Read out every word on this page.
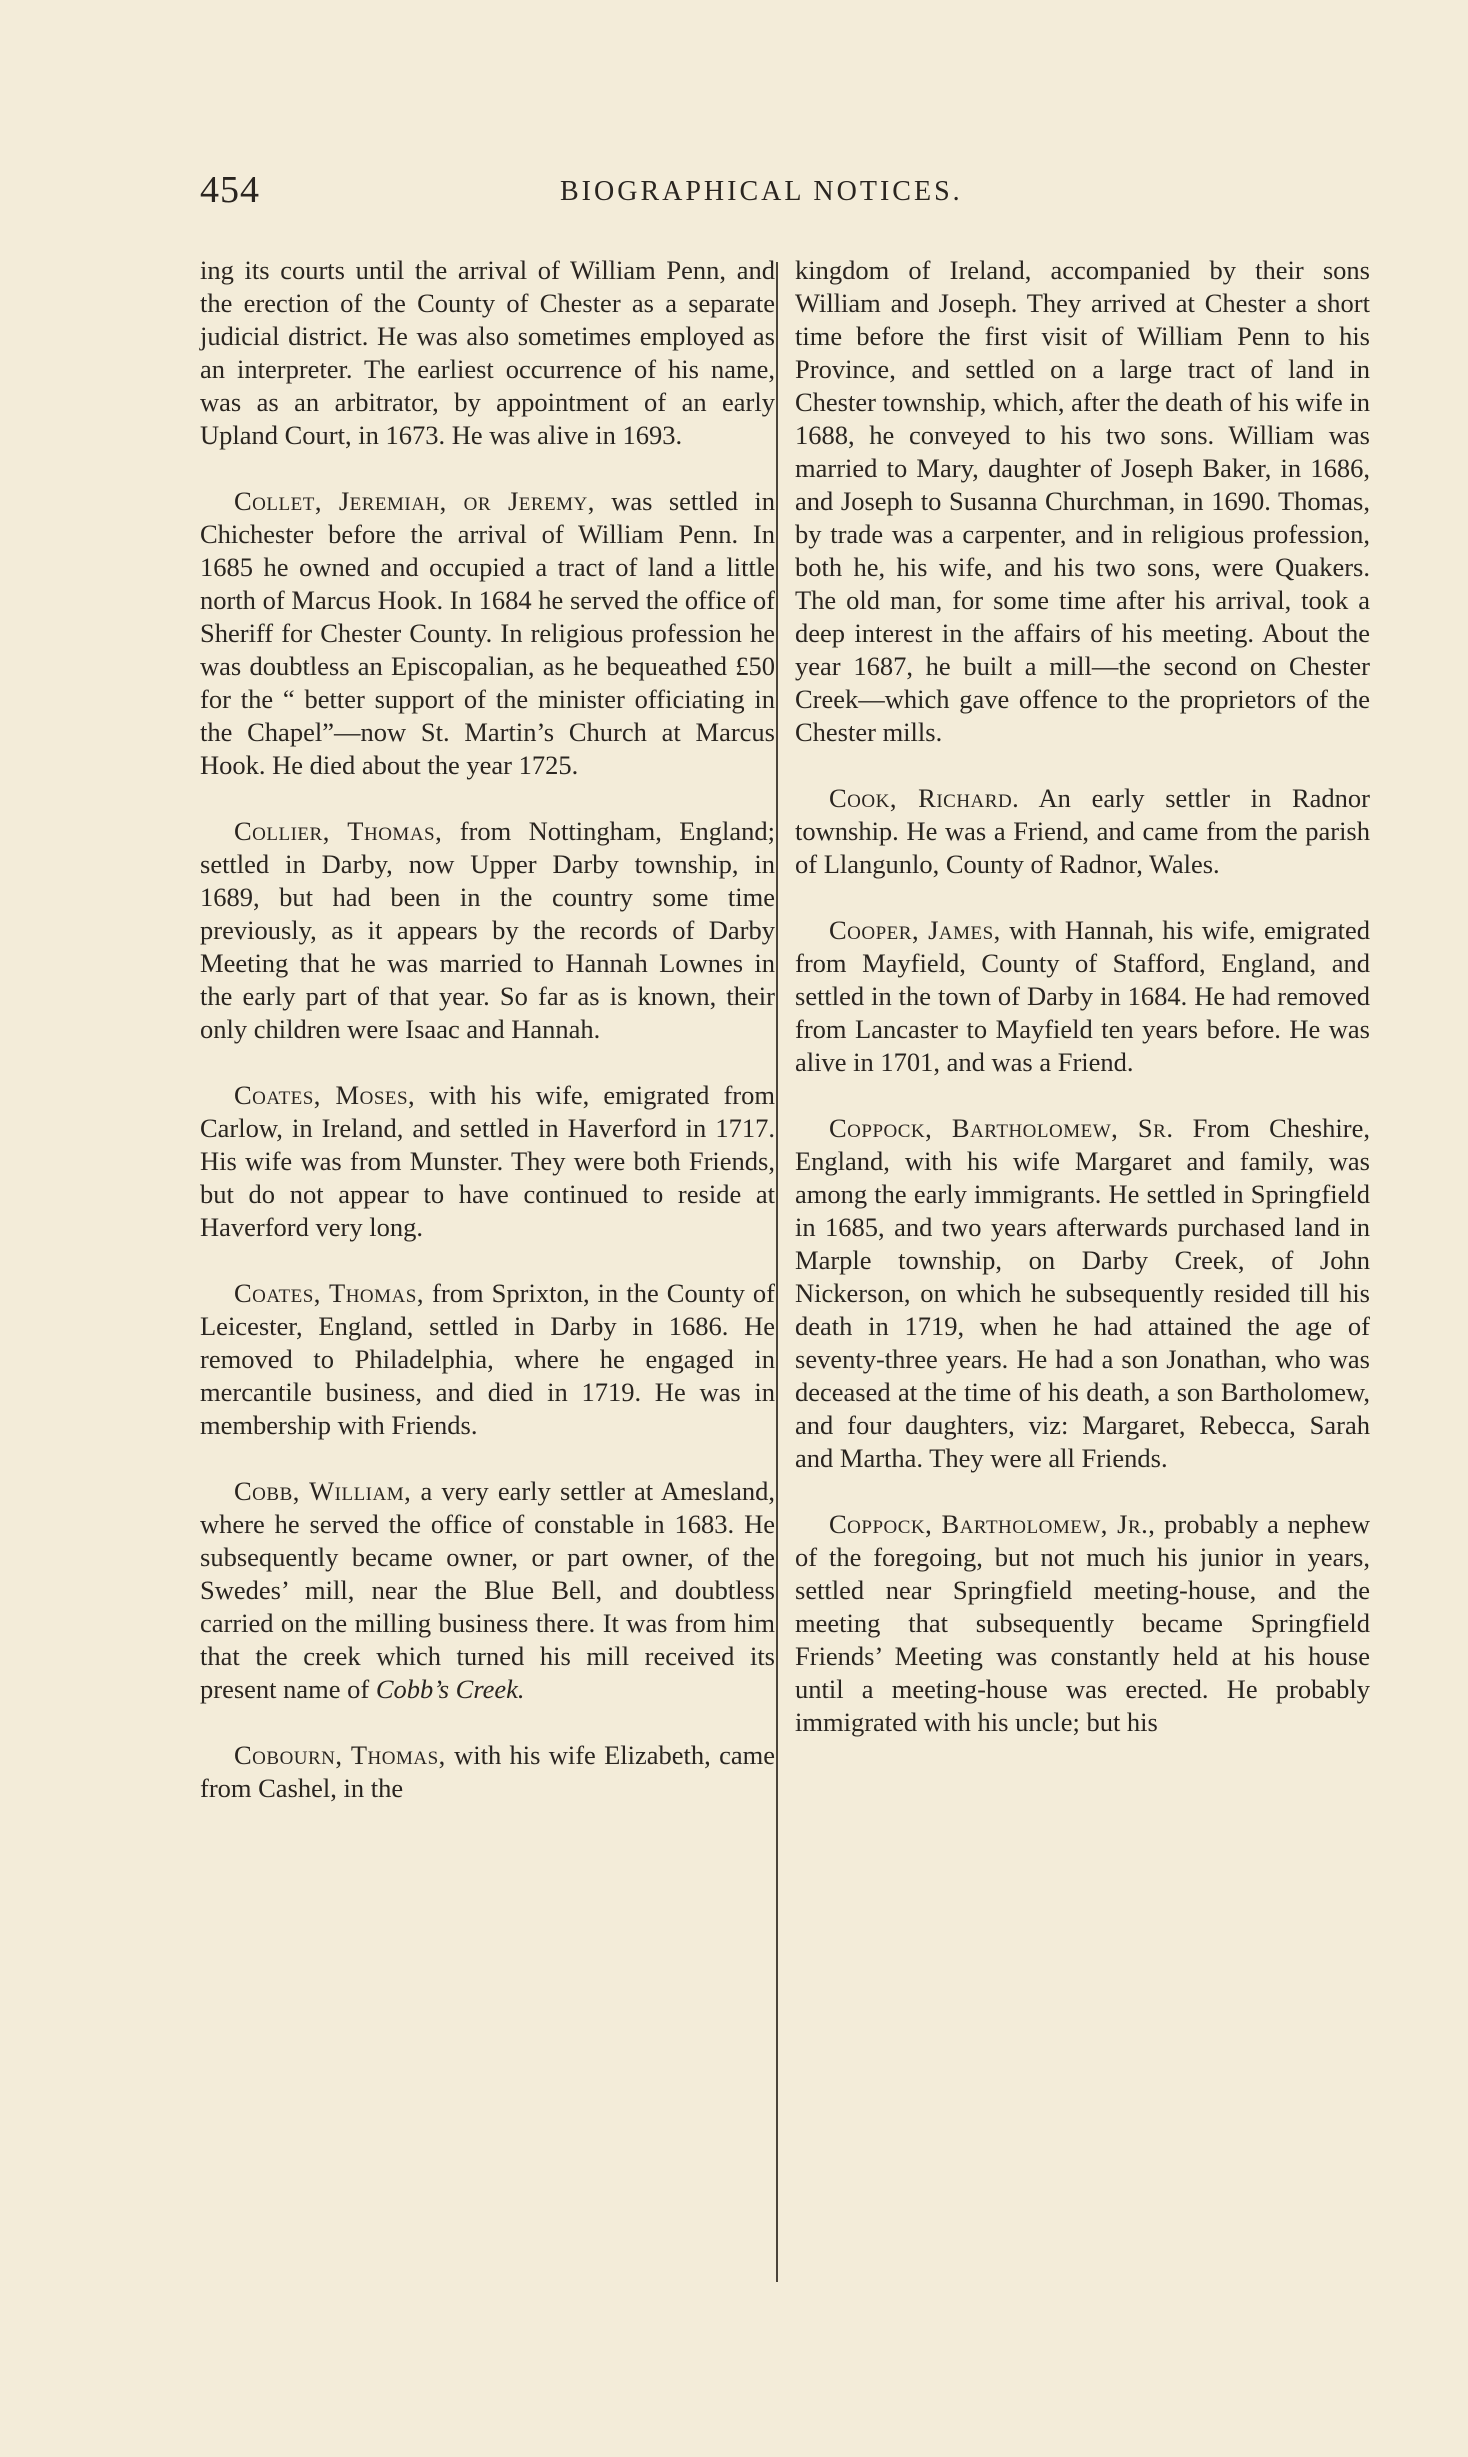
454	BIOGRAPHICAL NOTICES.

ing its courts until the arrival of William Penn, and the erection of the County of Chester as a separate judicial district. He was also sometimes employed as an interpreter. The earliest occurrence of his name, was as an arbitrator, by appointment of an early Upland Court, in 1673. He was alive in 1693.

Collet, Jeremiah, or Jeremy, was settled in Chichester before the arrival of William Penn. In 1685 he owned and occupied a tract of land a little north of Marcus Hook. In 1684 he served the office of Sheriff for Chester County. In religious profession he was doubtless an Episcopalian, as he bequeathed £50 for the “ better support of the minister officiating in the Chapel”—now St. Martin’s Church at Marcus Hook. He died about the year 1725.

Collier, Thomas, from Nottingham, England; settled in Darby, now Upper Darby township, in 1689, but had been in the country some time previously, as it appears by the records of Darby Meeting that he was married to Hannah Lownes in the early part of that year. So far as is known, their only children were Isaac and Hannah.

Coates, Moses, with his wife, emigrated from Carlow, in Ireland, and settled in Haverford in 1717. His wife was from Munster. They were both Friends, but do not appear to have continued to reside at Haverford very long.

Coates, Thomas, from Sprixton, in the County of Leicester, England, settled in Darby in 1686. He removed to Philadelphia, where he engaged in mercantile business, and died in 1719. He was in membership with Friends.

Cobb, William, a very early settler at Amesland, where he served the office of constable in 1683. He subsequently became owner, or part owner, of the Swedes’ mill, near the Blue Bell, and doubtless carried on the milling business there. It was from him that the creek which turned his mill received its present name of Cobb’s Creek.

Cobourn, Thomas, with his wife Elizabeth, came from Cashel, in the

kingdom of Ireland, accompanied by their sons William and Joseph. They arrived at Chester a short time before the first visit of William Penn to his Province, and settled on a large tract of land in Chester township, which, after the death of his wife in 1688, he conveyed to his two sons. William was married to Mary, daughter of Joseph Baker, in 1686, and Joseph to Susanna Churchman, in 1690. Thomas, by trade was a carpenter, and in religious profession, both he, his wife, and his two sons, were Quakers. The old man, for some time after his arrival, took a deep interest in the affairs of his meeting. About the year 1687, he built a mill—the second on Chester Creek—which gave offence to the proprietors of the Chester mills.

Cook, Richard. An early settler in Radnor township. He was a Friend, and came from the parish of Llangunlo, County of Radnor, Wales.

Cooper, James, with Hannah, his wife, emigrated from Mayfield, County of Stafford, England, and settled in the town of Darby in 1684. He had removed from Lancaster to Mayfield ten years before. He was alive in 1701, and was a Friend.

Coppock, Bartholomew, Sr. From Cheshire, England, with his wife Margaret and family, was among the early immigrants. He settled in Springfield in 1685, and two years afterwards purchased land in Marple township, on Darby Creek, of John Nickerson, on which he subsequently resided till his death in 1719, when he had attained the age of seventy-three years. He had a son Jonathan, who was deceased at the time of his death, a son Bartholomew, and four daughters, viz: Margaret, Rebecca, Sarah and Martha. They were all Friends.

Coppock, Bartholomew, Jr., probably a nephew of the foregoing, but not much his junior in years, settled near Springfield meeting-house, and the meeting that subsequently became Springfield Friends’ Meeting was constantly held at his house until a meeting-house was erected. He probably immigrated with his uncle; but his
